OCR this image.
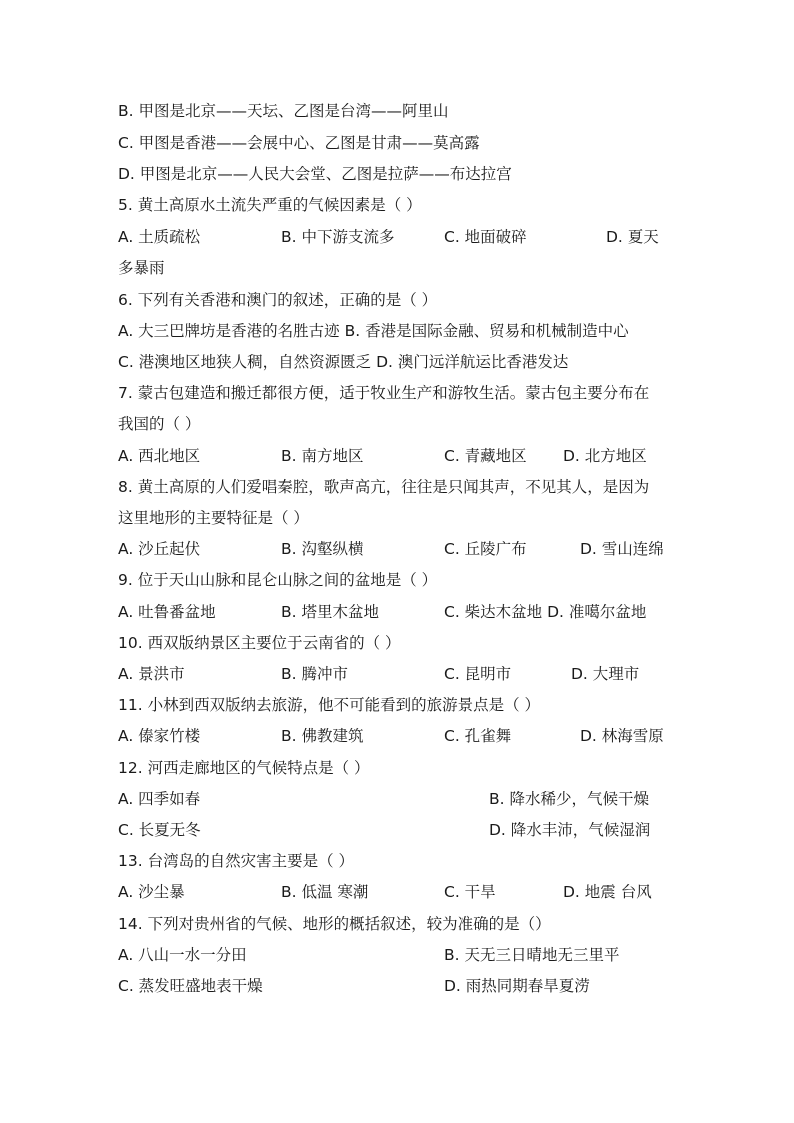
B. 甲图是北京——天坛、乙图是台湾——阿里山
C. 甲图是香港——会展中心、乙图是甘肃——莫高露
D. 甲图是北京——人民大会堂、乙图是拉萨——布达拉宫
5. 黄土高原水土流失严重的气候因素是（ ）
A. 土质疏松	B. 中下游支流多	C. 地面破碎	D. 夏天
多暴雨
6. 下列有关香港和澳门的叙述，正确的是（ ）
A. 大三巴牌坊是香港的名胜古迹 B. 香港是国际金融、贸易和机械制造中心
C. 港澳地区地狭人稠，自然资源匮乏 D. 澳门远洋航运比香港发达
7. 蒙古包建造和搬迁都很方便，适于牧业生产和游牧生活。蒙古包主要分布在
我国的（ ）
A. 西北地区	B. 南方地区	C. 青藏地区 D. 北方地区
8. 黄土高原的人们爱唱秦腔，歌声高亢，往往是只闻其声，不见其人，是因为
这里地形的主要特征是（ ）
A. 沙丘起伏	B. 沟壑纵横	C. 丘陵广布	D. 雪山连绵
9. 位于天山山脉和昆仑山脉之间的盆地是（ ）
A. 吐鲁番盆地	B. 塔里木盆地	C. 柴达木盆地 D. 准噶尔盆地
10. 西双版纳景区主要位于云南省的（ ）
A. 景洪市	B. 腾冲市	C. 昆明市	D. 大理市
11. 小林到西双版纳去旅游，他不可能看到的旅游景点是（ ）
A. 傣家竹楼	B. 佛教建筑	C. 孔雀舞	D. 林海雪原
12. 河西走廊地区的气候特点是（ ）
A. 四季如春	B. 降水稀少，气候干燥
C. 长夏无冬	D. 降水丰沛，气候湿润
13. 台湾岛的自然灾害主要是（ ）
A. 沙尘暴	B. 低温 寒潮	C. 干旱	D. 地震 台风
14. 下列对贵州省的气候、地形的概括叙述，较为准确的是（）
A. 八山一水一分田	B. 天无三日晴地无三里平
C. 蒸发旺盛地表干燥	D. 雨热同期春旱夏涝
